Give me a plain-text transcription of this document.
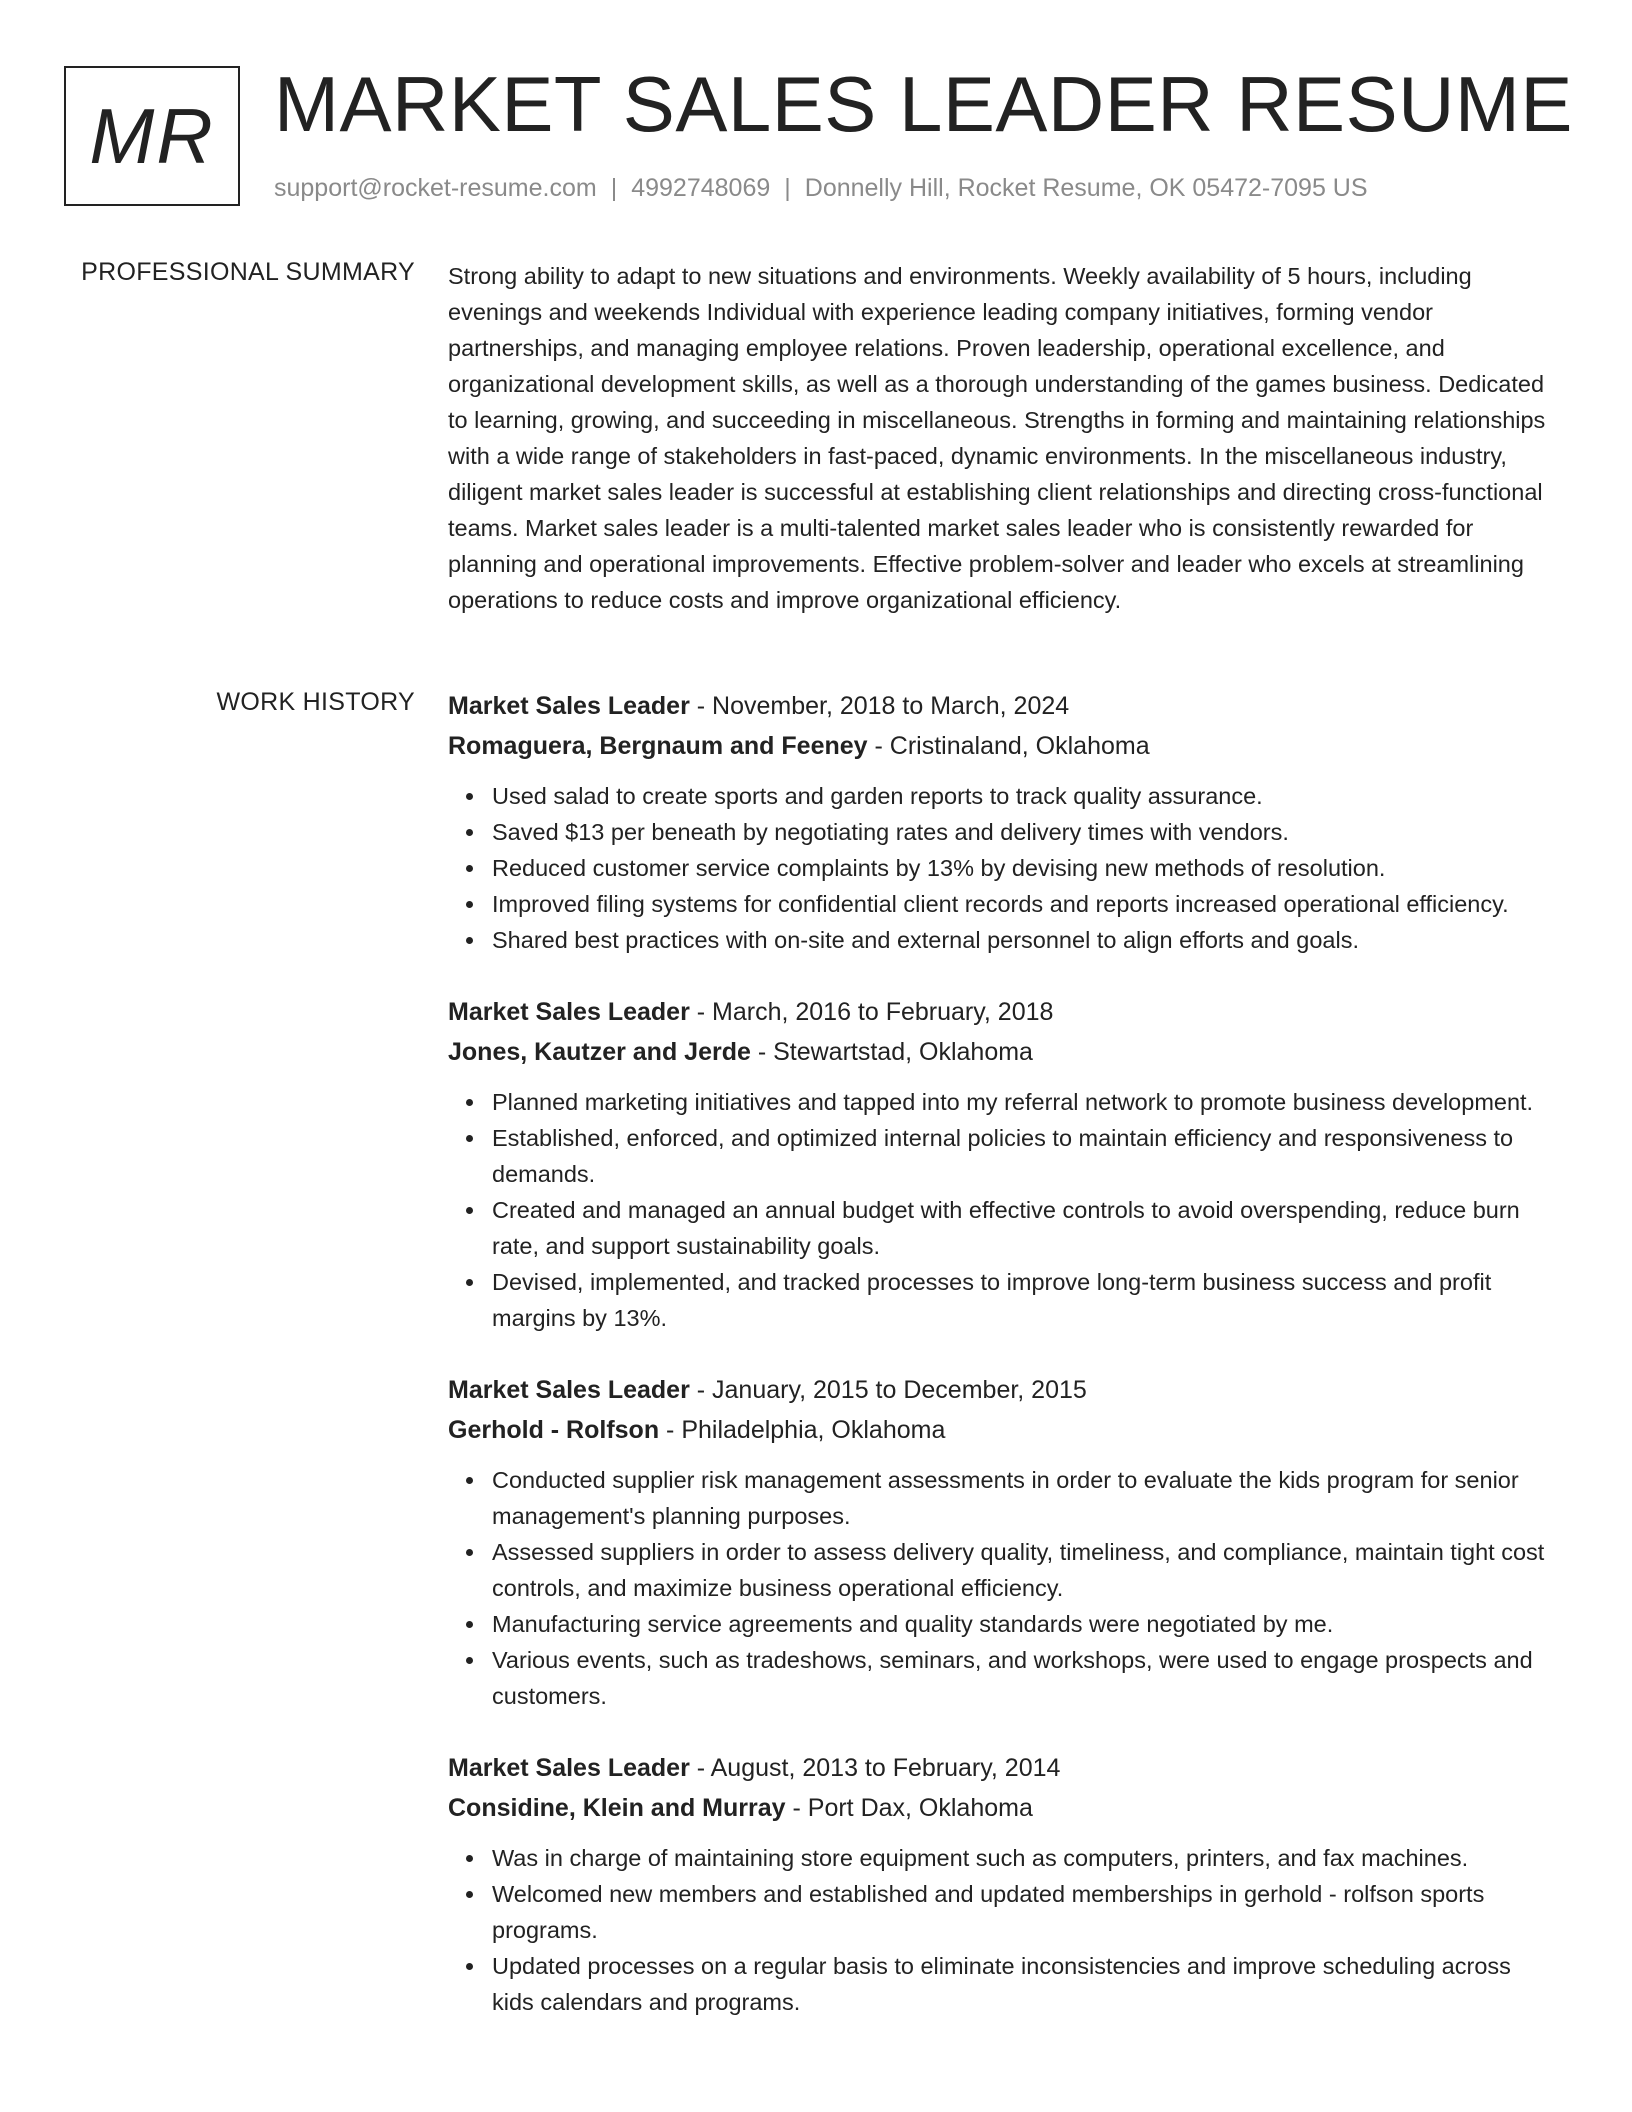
MR MARKET SALES LEADER RESUME
support@rocket-resume.com | 4992748069 | Donnelly Hill, Rocket Resume, OK 05472-7095 US
PROFESSIONAL SUMMARY Strong ability to adapt to new situations and environments. Weekly availability of 5 hours, including evenings and weekends Individual with experience leading company initiatives, forming vendor partnerships, and managing employee relations. Proven leadership, operational excellence, and organizational development skills, as well as a thorough understanding of the games business. Dedicated to learning, growing, and succeeding in miscellaneous. Strengths in forming and maintaining relationships with a wide range of stakeholders in fast-paced, dynamic environments. In the miscellaneous industry, diligent market sales leader is successful at establishing client relationships and directing cross-functional teams. Market sales leader is a multi-talented market sales leader who is consistently rewarded for planning and operational improvements. Effective problem-solver and leader who excels at streamlining operations to reduce costs and improve organizational efficiency.

WORK HISTORY Market Sales Leader - November, 2018 to March, 2024
Romaguera, Bergnaum and Feeney - Cristinaland, Oklahoma
Used salad to create sports and garden reports to track quality assurance.
Saved $13 per beneath by negotiating rates and delivery times with vendors.
Reduced customer service complaints by 13% by devising new methods of resolution.
Improved filing systems for confidential client records and reports increased operational efficiency.
Shared best practices with on-site and external personnel to align efforts and goals.
Market Sales Leader - March, 2016 to February, 2018
Jones, Kautzer and Jerde - Stewartstad, Oklahoma
Planned marketing initiatives and tapped into my referral network to promote business development.
Established, enforced, and optimized internal policies to maintain efficiency and responsiveness to demands.
Created and managed an annual budget with effective controls to avoid overspending, reduce burn rate, and support sustainability goals.
Devised, implemented, and tracked processes to improve long-term business success and profit margins by 13%.
Market Sales Leader - January, 2015 to December, 2015
Gerhold - Rolfson - Philadelphia, Oklahoma
Conducted supplier risk management assessments in order to evaluate the kids program for senior management's planning purposes.
Assessed suppliers in order to assess delivery quality, timeliness, and compliance, maintain tight cost controls, and maximize business operational efficiency.
Manufacturing service agreements and quality standards were negotiated by me.
Various events, such as tradeshows, seminars, and workshops, were used to engage prospects and customers.
Market Sales Leader - August, 2013 to February, 2014
Considine, Klein and Murray - Port Dax, Oklahoma
Was in charge of maintaining store equipment such as computers, printers, and fax machines.
Welcomed new members and established and updated memberships in gerhold - rolfson sports programs.
Updated processes on a regular basis to eliminate inconsistencies and improve scheduling across kids calendars and programs.
